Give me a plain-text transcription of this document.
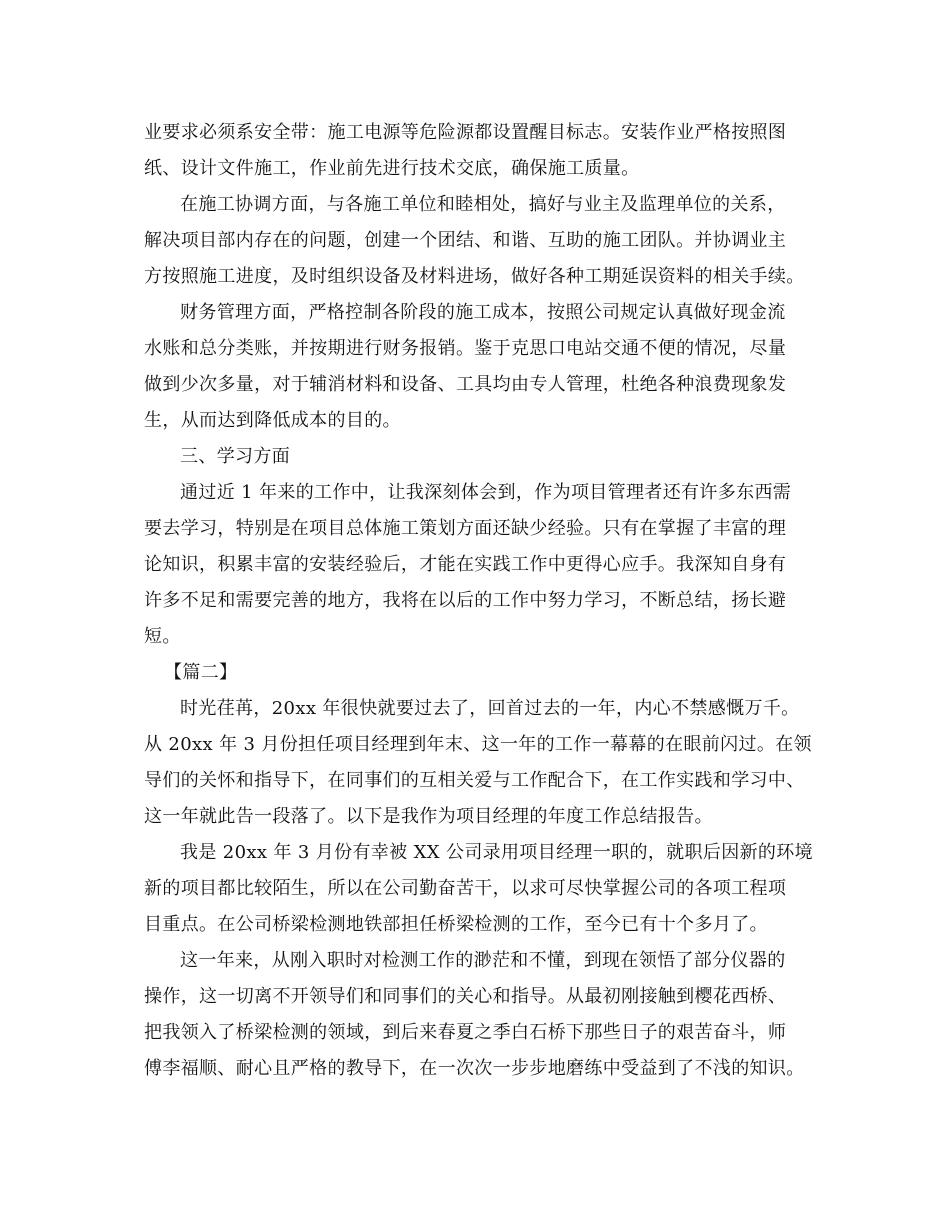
业要求必须系安全带：施工电源等危险源都设置醒目标志。安装作业严格按照图
纸、设计文件施工，作业前先进行技术交底，确保施工质量。
在施工协调方面，与各施工单位和睦相处，搞好与业主及监理单位的关系，
解决项目部内存在的问题，创建一个团结、和谐、互助的施工团队。并协调业主
方按照施工进度，及时组织设备及材料进场，做好各种工期延误资料的相关手续。
财务管理方面，严格控制各阶段的施工成本，按照公司规定认真做好现金流
水账和总分类账，并按期进行财务报销。鉴于克思口电站交通不便的情况，尽量
做到少次多量，对于辅消材料和设备、工具均由专人管理，杜绝各种浪费现象发
生，从而达到降低成本的目的。
三、学习方面
通过近 1 年来的工作中，让我深刻体会到，作为项目管理者还有许多东西需
要去学习，特别是在项目总体施工策划方面还缺少经验。只有在掌握了丰富的理
论知识，积累丰富的安装经验后，才能在实践工作中更得心应手。我深知自身有
许多不足和需要完善的地方，我将在以后的工作中努力学习，不断总结，扬长避
短。
【篇二】
时光荏苒，20xx 年很快就要过去了，回首过去的一年，内心不禁感慨万千。
从 20xx 年 3 月份担任项目经理到年末、这一年的工作一幕幕的在眼前闪过。在领
导们的关怀和指导下，在同事们的互相关爱与工作配合下，在工作实践和学习中、
这一年就此告一段落了。以下是我作为项目经理的年度工作总结报告。
我是 20xx 年 3 月份有幸被 XX 公司录用项目经理一职的，就职后因新的环境
新的项目都比较陌生，所以在公司勤奋苦干，以求可尽快掌握公司的各项工程项
目重点。在公司桥梁检测地铁部担任桥梁检测的工作，至今已有十个多月了。
这一年来，从刚入职时对检测工作的渺茫和不懂，到现在领悟了部分仪器的
操作，这一切离不开领导们和同事们的关心和指导。从最初刚接触到樱花西桥、
把我领入了桥梁检测的领域，到后来春夏之季白石桥下那些日子的艰苦奋斗，师
傅李福顺、耐心且严格的教导下，在一次次一步步地磨练中受益到了不浅的知识。
